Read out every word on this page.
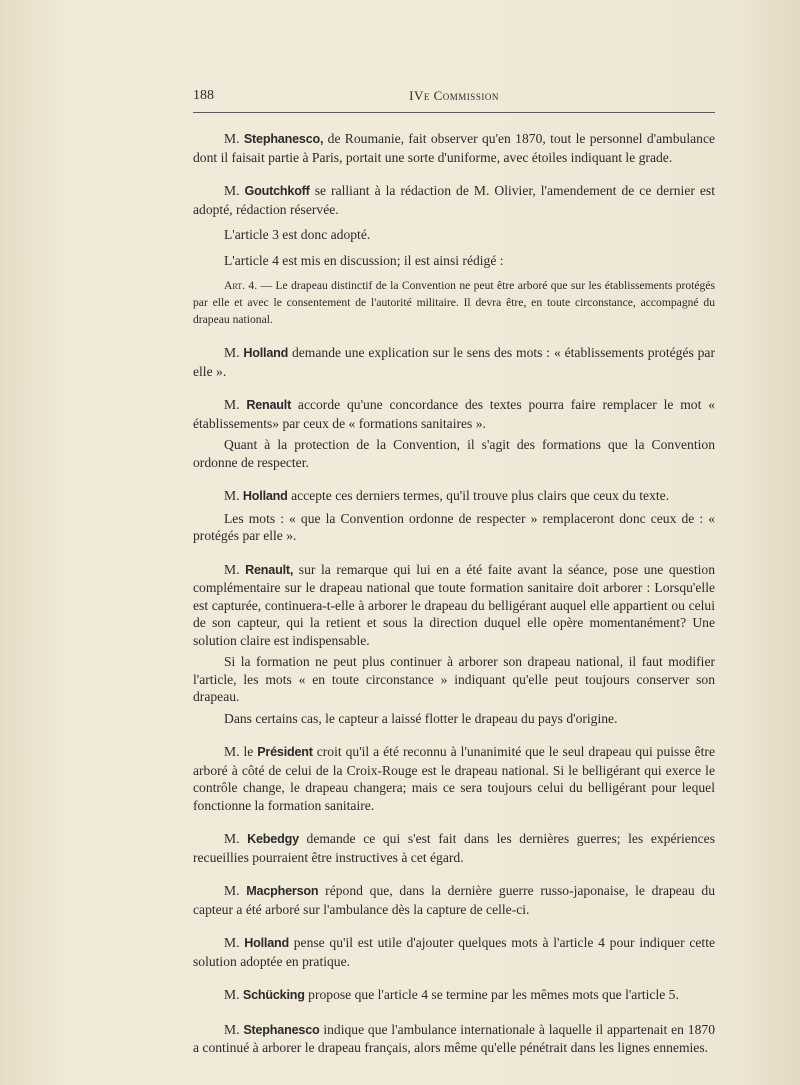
188	IVe Commission

M. Stephanesco, de Roumanie, fait observer qu'en 1870, tout le personnel d'ambulance dont il faisait partie à Paris, portait une sorte d'uniforme, avec étoiles indiquant le grade.

M. Goutchkoff se ralliant à la rédaction de M. Olivier, l'amendement de ce dernier est adopté, rédaction réservée.

L'article 3 est donc adopté.

L'article 4 est mis en discussion; il est ainsi rédigé :

Art. 4. — Le drapeau distinctif de la Convention ne peut être arboré que sur les établissements protégés par elle et avec le consentement de l'autorité militaire. Il devra être, en toute circonstance, accompagné du drapeau national.

M. Holland demande une explication sur le sens des mots : « établissements protégés par elle ».

M. Renault accorde qu'une concordance des textes pourra faire remplacer le mot « établissements» par ceux de « formations sanitaires ».

Quant à la protection de la Convention, il s'agit des formations que la Convention ordonne de respecter.

M. Holland accepte ces derniers termes, qu'il trouve plus clairs que ceux du texte.

Les mots : « que la Convention ordonne de respecter » remplaceront donc ceux de : « protégés par elle ».

M. Renault, sur la remarque qui lui en a été faite avant la séance, pose une question complémentaire sur le drapeau national que toute formation sanitaire doit arborer : Lorsqu'elle est capturée, continuera-t-elle à arborer le drapeau du belligérant auquel elle appartient ou celui de son capteur, qui la retient et sous la direction duquel elle opère momentanément? Une solution claire est indispensable.

Si la formation ne peut plus continuer à arborer son drapeau national, il faut modifier l'article, les mots « en toute circonstance » indiquant qu'elle peut toujours conserver son drapeau.

Dans certains cas, le capteur a laissé flotter le drapeau du pays d'origine.

M. le Président croit qu'il a été reconnu à l'unanimité que le seul drapeau qui puisse être arboré à côté de celui de la Croix-Rouge est le drapeau national. Si le belligérant qui exerce le contrôle change, le drapeau changera; mais ce sera toujours celui du belligérant pour lequel fonctionne la formation sanitaire.

M. Kebedgy demande ce qui s'est fait dans les dernières guerres; les expériences recueillies pourraient être instructives à cet égard.

M. Macpherson répond que, dans la dernière guerre russo-japonaise, le drapeau du capteur a été arboré sur l'ambulance dès la capture de celle-ci.

M. Holland pense qu'il est utile d'ajouter quelques mots à l'article 4 pour indiquer cette solution adoptée en pratique.

M. Schücking propose que l'article 4 se termine par les mêmes mots que l'article 5.

M. Stephanesco indique que l'ambulance internationale à laquelle il appartenait en 1870 a continué à arborer le drapeau français, alors même qu'elle pénétrait dans les lignes ennemies.
